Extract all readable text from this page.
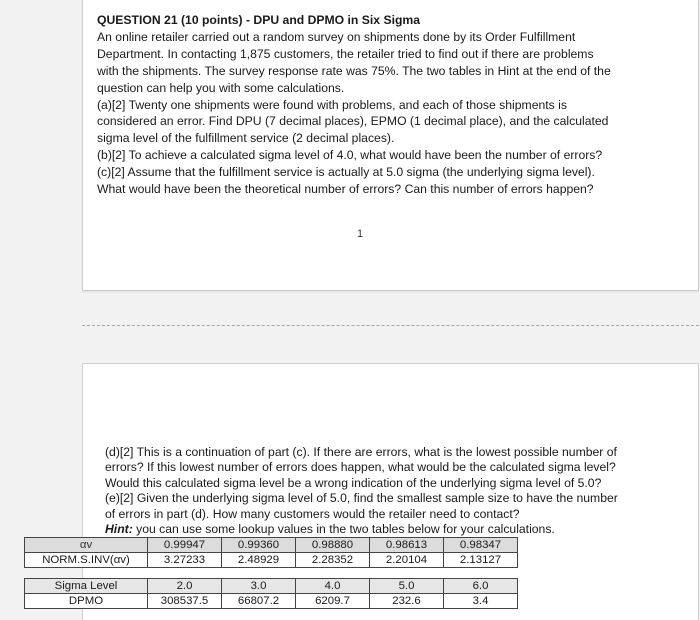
QUESTION 21 (10 points) - DPU and DPMO in Six Sigma
An online retailer carried out a random survey on shipments done by its Order Fulfillment
Department. In contacting 1,875 customers, the retailer tried to find out if there are problems
with the shipments. The survey response rate was 75%. The two tables in Hint at the end of the
question can help you with some calculations.
(a)[2] Twenty one shipments were found with problems, and each of those shipments is
considered an error. Find DPU (7 decimal places), EPMO (1 decimal place), and the calculated
sigma level of the fulfillment service (2 decimal places).
(b)[2] To achieve a calculated sigma level of 4.0, what would have been the number of errors?
(c)[2] Assume that the fulfillment service is actually at 5.0 sigma (the underlying sigma level).
What would have been the theoretical number of errors? Can this number of errors happen?
1
(d)[2] This is a continuation of part (c). If there are errors, what is the lowest possible number of
errors? If this lowest number of errors does happen, what would be the calculated sigma level?
Would this calculated sigma level be a wrong indication of the underlying sigma level of 5.0?
(e)[2] Given the underlying sigma level of 5.0, find the smallest sample size to have the number
of errors in part (d). How many customers would the retailer need to contact?
Hint: you can use some lookup values in the two tables below for your calculations.
αv	0.99947	0.99360	0.98880	0.98613	0.98347
NORM.S.INV(αv)	3.27233	2.48929	2.28352	2.20104	2.13127
Sigma Level	2.0	3.0	4.0	5.0	6.0
DPMO	308537.5	66807.2	6209.7	232.6	3.4
